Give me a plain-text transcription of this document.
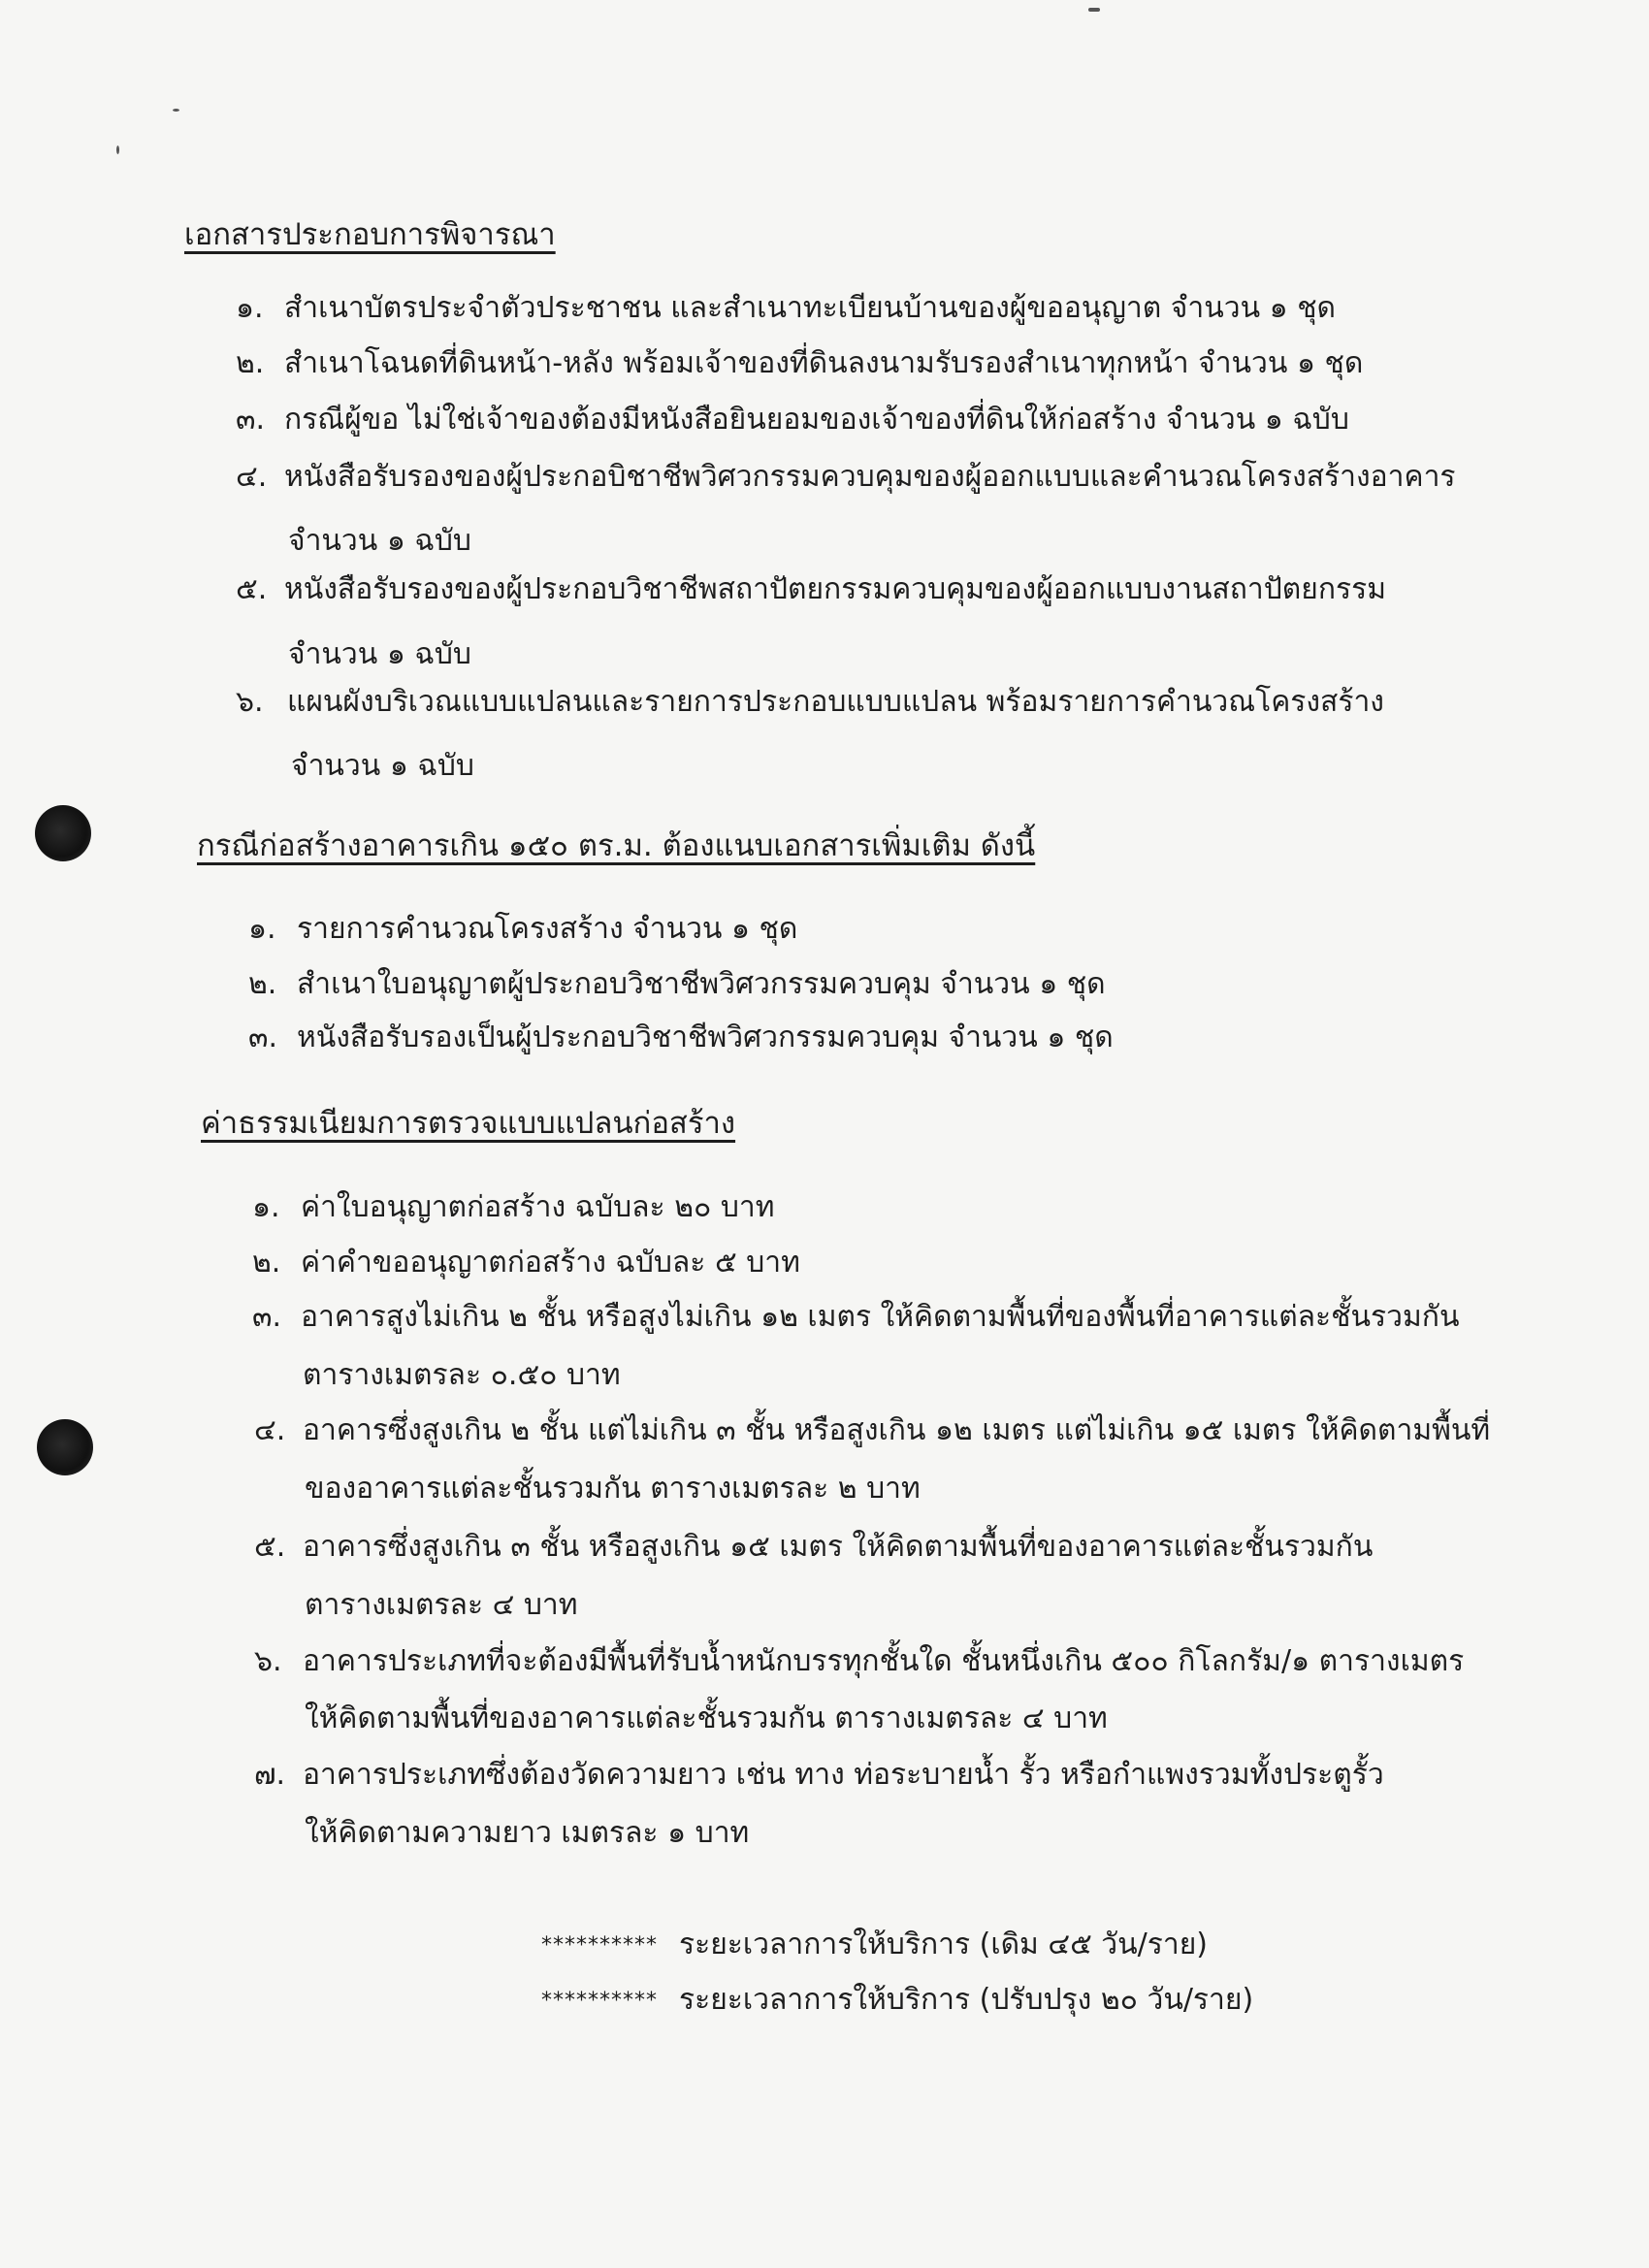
เอกสารประกอบการพิจารณา
๑. สำเนาบัตรประจำตัวประชาชน และสำเนาทะเบียนบ้านของผู้ขออนุญาต จำนวน ๑ ชุด
๒. สำเนาโฉนดที่ดินหน้า-หลัง พร้อมเจ้าของที่ดินลงนามรับรองสำเนาทุกหน้า จำนวน ๑ ชุด
๓. กรณีผู้ขอ ไม่ใช่เจ้าของต้องมีหนังสือยินยอมของเจ้าของที่ดินให้ก่อสร้าง จำนวน ๑ ฉบับ
๔. หนังสือรับรองของผู้ประกอบิชาชีพวิศวกรรมควบคุมของผู้ออกแบบและคำนวณโครงสร้างอาคาร
จำนวน ๑ ฉบับ
๕. หนังสือรับรองของผู้ประกอบวิชาชีพสถาปัตยกรรมควบคุมของผู้ออกแบบงานสถาปัตยกรรม
จำนวน ๑ ฉบับ
๖. แผนผังบริเวณแบบแปลนและรายการประกอบแบบแปลน พร้อมรายการคำนวณโครงสร้าง
จำนวน ๑ ฉบับ
กรณีก่อสร้างอาคารเกิน ๑๕๐ ตร.ม. ต้องแนบเอกสารเพิ่มเติม ดังนี้
๑. รายการคำนวณโครงสร้าง จำนวน ๑ ชุด
๒. สำเนาใบอนุญาตผู้ประกอบวิชาชีพวิศวกรรมควบคุม จำนวน ๑ ชุด
๓. หนังสือรับรองเป็นผู้ประกอบวิชาชีพวิศวกรรมควบคุม จำนวน ๑ ชุด
ค่าธรรมเนียมการตรวจแบบแปลนก่อสร้าง
๑. ค่าใบอนุญาตก่อสร้าง ฉบับละ ๒๐ บาท
๒. ค่าคำขออนุญาตก่อสร้าง ฉบับละ ๕ บาท
๓. อาคารสูงไม่เกิน ๒ ชั้น หรือสูงไม่เกิน ๑๒ เมตร ให้คิดตามพื้นที่ของพื้นที่อาคารแต่ละชั้นรวมกัน
ตารางเมตรละ ๐.๕๐ บาท
๔. อาคารซึ่งสูงเกิน ๒ ชั้น แต่ไม่เกิน ๓ ชั้น หรือสูงเกิน ๑๒ เมตร แต่ไม่เกิน ๑๕ เมตร ให้คิดตามพื้นที่
ของอาคารแต่ละชั้นรวมกัน ตารางเมตรละ ๒ บาท
๕. อาคารซึ่งสูงเกิน ๓ ชั้น หรือสูงเกิน ๑๕ เมตร ให้คิดตามพื้นที่ของอาคารแต่ละชั้นรวมกัน
ตารางเมตรละ ๔ บาท
๖. อาคารประเภทที่จะต้องมีพื้นที่รับน้ำหนักบรรทุกชั้นใด ชั้นหนึ่งเกิน ๕๐๐ กิโลกรัม/๑ ตารางเมตร
ให้คิดตามพื้นที่ของอาคารแต่ละชั้นรวมกัน ตารางเมตรละ ๔ บาท
๗. อาคารประเภทซึ่งต้องวัดความยาว เช่น ทาง ท่อระบายน้ำ รั้ว หรือกำแพงรวมทั้งประตูรั้ว
ให้คิดตามความยาว เมตรละ ๑ บาท
********** ระยะเวลาการให้บริการ (เดิม ๔๕ วัน/ราย)
********** ระยะเวลาการให้บริการ (ปรับปรุง ๒๐ วัน/ราย)
